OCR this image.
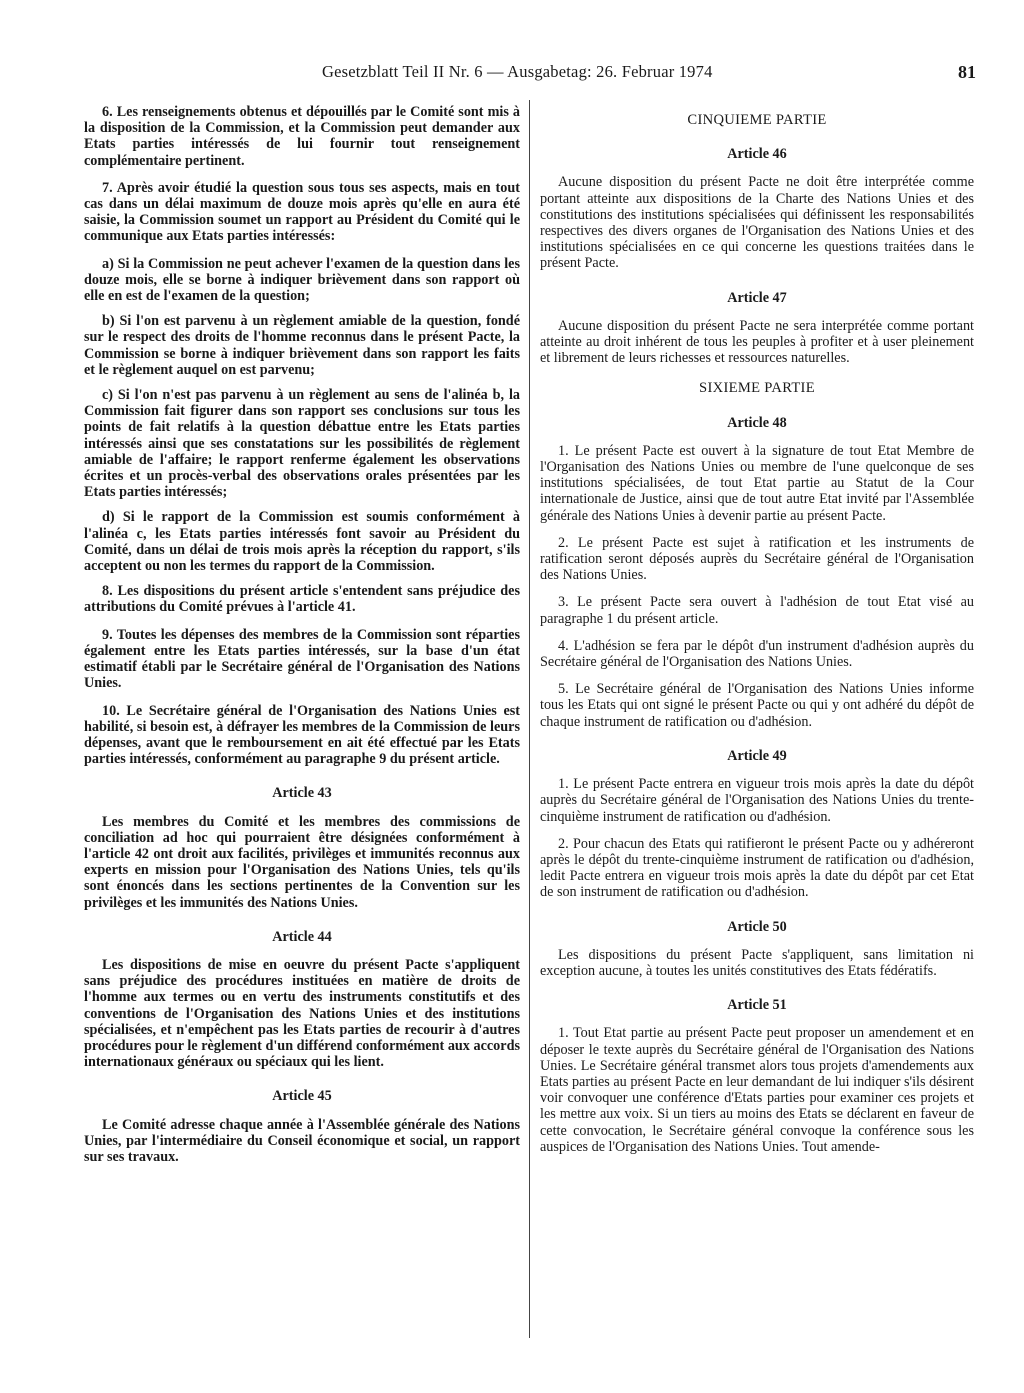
Gesetzblatt Teil II Nr. 6 — Ausgabetag: 26. Februar 1974	81

6. Les renseignements obtenus et dépouillés par le Comité sont mis à la disposition de la Commission, et la Commission peut demander aux Etats parties intéressés de lui fournir tout renseignement complémentaire pertinent.

7. Après avoir étudié la question sous tous ses aspects, mais en tout cas dans un délai maximum de douze mois après qu'elle en aura été saisie, la Commission soumet un rapport au Président du Comité qui le communique aux Etats parties intéressés:

a) Si la Commission ne peut achever l'examen de la question dans les douze mois, elle se borne à indiquer brièvement dans son rapport où elle en est de l'examen de la question;

b) Si l'on est parvenu à un règlement amiable de la question, fondé sur le respect des droits de l'homme reconnus dans le présent Pacte, la Commission se borne à indiquer brièvement dans son rapport les faits et le règlement auquel on est parvenu;

c) Si l'on n'est pas parvenu à un règlement au sens de l'alinéa b, la Commission fait figurer dans son rapport ses conclusions sur tous les points de fait relatifs à la question débattue entre les Etats parties intéressés ainsi que ses constatations sur les possibilités de règlement amiable de l'affaire; le rapport renferme également les observations écrites et un procès-verbal des observations orales présentées par les Etats parties intéressés;

d) Si le rapport de la Commission est soumis conformément à l'alinéa c, les Etats parties intéressés font savoir au Président du Comité, dans un délai de trois mois après la réception du rapport, s'ils acceptent ou non les termes du rapport de la Commission.

8. Les dispositions du présent article s'entendent sans préjudice des attributions du Comité prévues à l'article 41.

9. Toutes les dépenses des membres de la Commission sont réparties également entre les Etats parties intéressés, sur la base d'un état estimatif établi par le Secrétaire général de l'Organisation des Nations Unies.

10. Le Secrétaire général de l'Organisation des Nations Unies est habilité, si besoin est, à défrayer les membres de la Commission de leurs dépenses, avant que le remboursement en ait été effectué par les Etats parties intéressés, conformément au paragraphe 9 du présent article.

Article 43

Les membres du Comité et les membres des commissions de conciliation ad hoc qui pourraient être désignées conformément à l'article 42 ont droit aux facilités, privilèges et immunités reconnus aux experts en mission pour l'Organisation des Nations Unies, tels qu'ils sont énoncés dans les sections pertinentes de la Convention sur les privilèges et les immunités des Nations Unies.

Article 44

Les dispositions de mise en oeuvre du présent Pacte s'appliquent sans préjudice des procédures instituées en matière de droits de l'homme aux termes ou en vertu des instruments constitutifs et des conventions de l'Organisation des Nations Unies et des institutions spécialisées, et n'empêchent pas les Etats parties de recourir à d'autres procédures pour le règlement d'un différend conformément aux accords internationaux généraux ou spéciaux qui les lient.

Article 45

Le Comité adresse chaque année à l'Assemblée générale des Nations Unies, par l'intermédiaire du Conseil économique et social, un rapport sur ses travaux.

CINQUIEME PARTIE
Article 46

Aucune disposition du présent Pacte ne doit être interprétée comme portant atteinte aux dispositions de la Charte des Nations Unies et des constitutions des institutions spécialisées qui définissent les responsabilités respectives des divers organes de l'Organisation des Nations Unies et des institutions spécialisées en ce qui concerne les questions traitées dans le présent Pacte.

Article 47

Aucune disposition du présent Pacte ne sera interprétée comme portant atteinte au droit inhérent de tous les peuples à profiter et à user pleinement et librement de leurs richesses et ressources naturelles.

SIXIEME PARTIE
Article 48

1. Le présent Pacte est ouvert à la signature de tout Etat Membre de l'Organisation des Nations Unies ou membre de l'une quelconque de ses institutions spécialisées, de tout Etat partie au Statut de la Cour internationale de Justice, ainsi que de tout autre Etat invité par l'Assemblée générale des Nations Unies à devenir partie au présent Pacte.

2. Le présent Pacte est sujet à ratification et les instruments de ratification seront déposés auprès du Secrétaire général de l'Organisation des Nations Unies.

3. Le présent Pacte sera ouvert à l'adhésion de tout Etat visé au paragraphe 1 du présent article.

4. L'adhésion se fera par le dépôt d'un instrument d'adhésion auprès du Secrétaire général de l'Organisation des Nations Unies.

5. Le Secrétaire général de l'Organisation des Nations Unies informe tous les Etats qui ont signé le présent Pacte ou qui y ont adhéré du dépôt de chaque instrument de ratification ou d'adhésion.

Article 49

1. Le présent Pacte entrera en vigueur trois mois après la date du dépôt auprès du Secrétaire général de l'Organisation des Nations Unies du trente-cinquième instrument de ratification ou d'adhésion.

2. Pour chacun des Etats qui ratifieront le présent Pacte ou y adhéreront après le dépôt du trente-cinquième instrument de ratification ou d'adhésion, ledit Pacte entrera en vigueur trois mois après la date du dépôt par cet Etat de son instrument de ratification ou d'adhésion.

Article 50

Les dispositions du présent Pacte s'appliquent, sans limitation ni exception aucune, à toutes les unités constitutives des Etats fédératifs.

Article 51

1. Tout Etat partie au présent Pacte peut proposer un amendement et en déposer le texte auprès du Secrétaire général de l'Organisation des Nations Unies. Le Secrétaire général transmet alors tous projets d'amendements aux Etats parties au présent Pacte en leur demandant de lui indiquer s'ils désirent voir convoquer une conférence d'Etats parties pour examiner ces projets et les mettre aux voix. Si un tiers au moins des Etats se déclarent en faveur de cette convocation, le Secrétaire général convoque la conférence sous les auspices de l'Organisation des Nations Unies. Tout amende-
